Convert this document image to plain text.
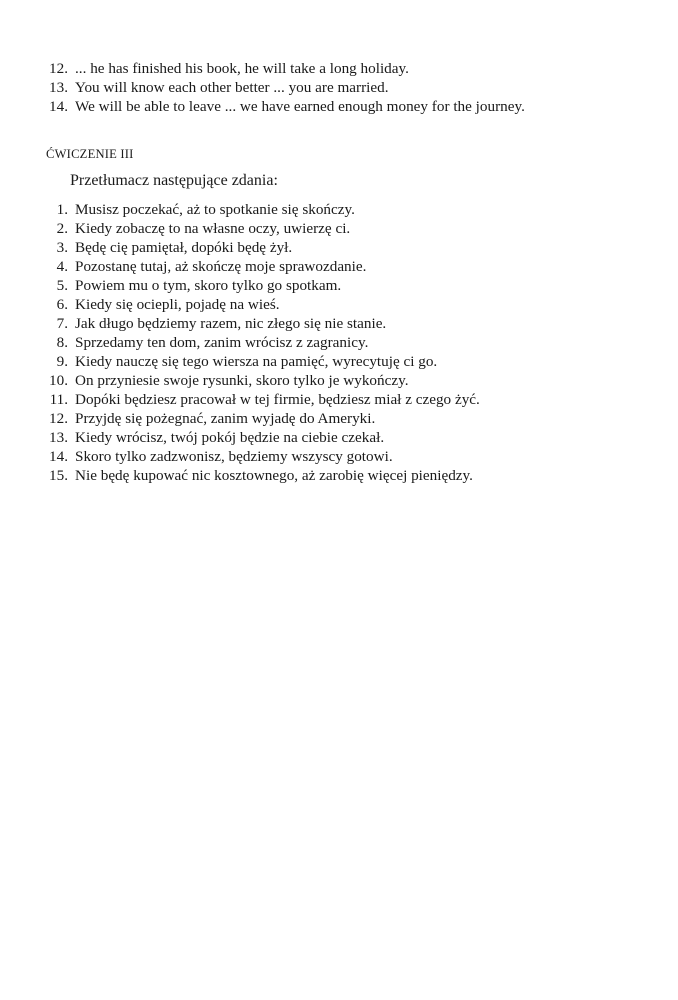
12. ... he has finished his book, he will take a long holiday.

13. You will know each other better ... you are married.

14. We will be able to leave ... we have earned enough money for the journey.

ĆWICZENIE III

Przetłumacz następujące zdania:

1. Musisz poczekać, aż to spotkanie się skończy.

2. Kiedy zobaczę to na własne oczy, uwierzę ci.

3. Będę cię pamiętał, dopóki będę żył.

4. Pozostanę tutaj, aż skończę moje sprawozdanie.

5. Powiem mu o tym, skoro tylko go spotkam.

6. Kiedy się ociepli, pojadę na wieś.

7. Jak długo będziemy razem, nic złego się nie stanie.

8. Sprzedamy ten dom, zanim wrócisz z zagranicy.

9. Kiedy nauczę się tego wiersza na pamięć, wyrecytuję ci go.

10. On przyniesie swoje rysunki, skoro tylko je wykończy.

11. Dopóki będziesz pracował w tej firmie, będziesz miał z czego żyć.

12. Przyjdę się pożegnać, zanim wyjadę do Ameryki.

13. Kiedy wrócisz, twój pokój będzie na ciebie czekał.

14. Skoro tylko zadzwonisz, będziemy wszyscy gotowi.

15. Nie będę kupować nic kosztownego, aż zarobię więcej pieniędzy.
